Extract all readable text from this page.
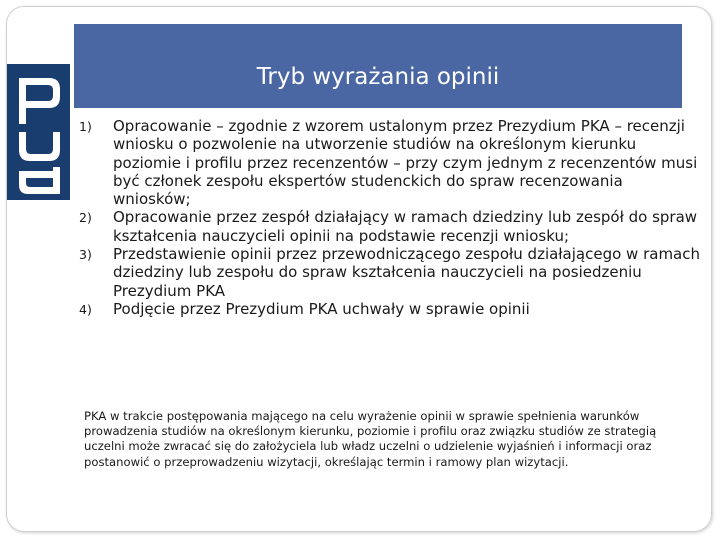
Tryb wyrażania opinii
1) Opracowanie – zgodnie z wzorem ustalonym przez Prezydium PKA – recenzji wniosku o pozwolenie na utworzenie studiów na określonym kierunku poziomie i profilu przez recenzentów – przy czym jednym z recenzentów musi być członek zespołu ekspertów studenckich do spraw recenzowania wniosków;
2) Opracowanie przez zespół działający w ramach dziedziny lub zespół do spraw kształcenia nauczycieli opinii na podstawie recenzji wniosku;
3) Przedstawienie opinii przez przewodniczącego zespołu działającego w ramach dziedziny lub zespołu do spraw kształcenia nauczycieli na posiedzeniu Prezydium PKA
4) Podjęcie przez Prezydium PKA uchwały w sprawie opinii
PKA w trakcie postępowania mającego na celu wyrażenie opinii w sprawie spełnienia warunków prowadzenia studiów na określonym kierunku, poziomie i profilu oraz związku studiów ze strategią uczelni może zwracać się do założyciela lub władz uczelni o udzielenie wyjaśnień i informacji oraz postanowić o przeprowadzeniu wizytacji, określając termin i ramowy plan wizytacji.
